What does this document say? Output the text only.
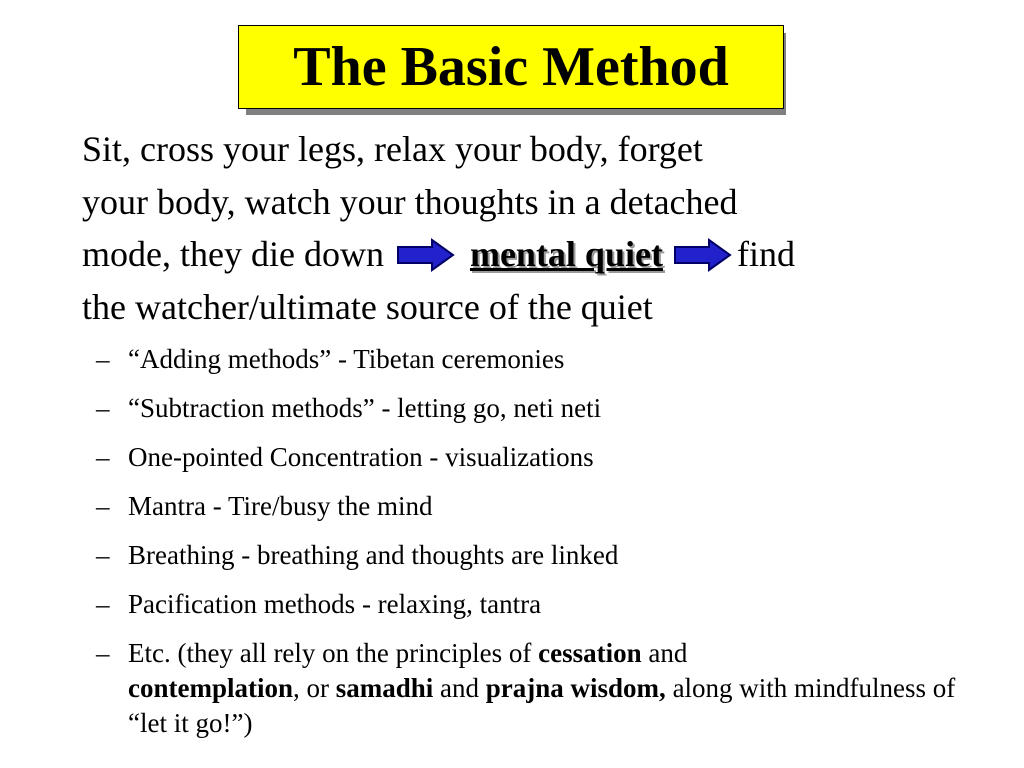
The Basic Method
Sit, cross your legs, relax your body, forget
your body, watch your thoughts in a detached
mode, they die down mental quiet find
the watcher/ultimate source of the quiet
– “Adding methods” - Tibetan ceremonies
– “Subtraction methods” - letting go, neti neti
– One-pointed Concentration - visualizations
– Mantra - Tire/busy the mind
– Breathing - breathing and thoughts are linked
– Pacification methods - relaxing, tantra
– Etc. (they all rely on the principles of cessation and
contemplation, or samadhi and prajna wisdom, along with mindfulness of “let it go!”)
